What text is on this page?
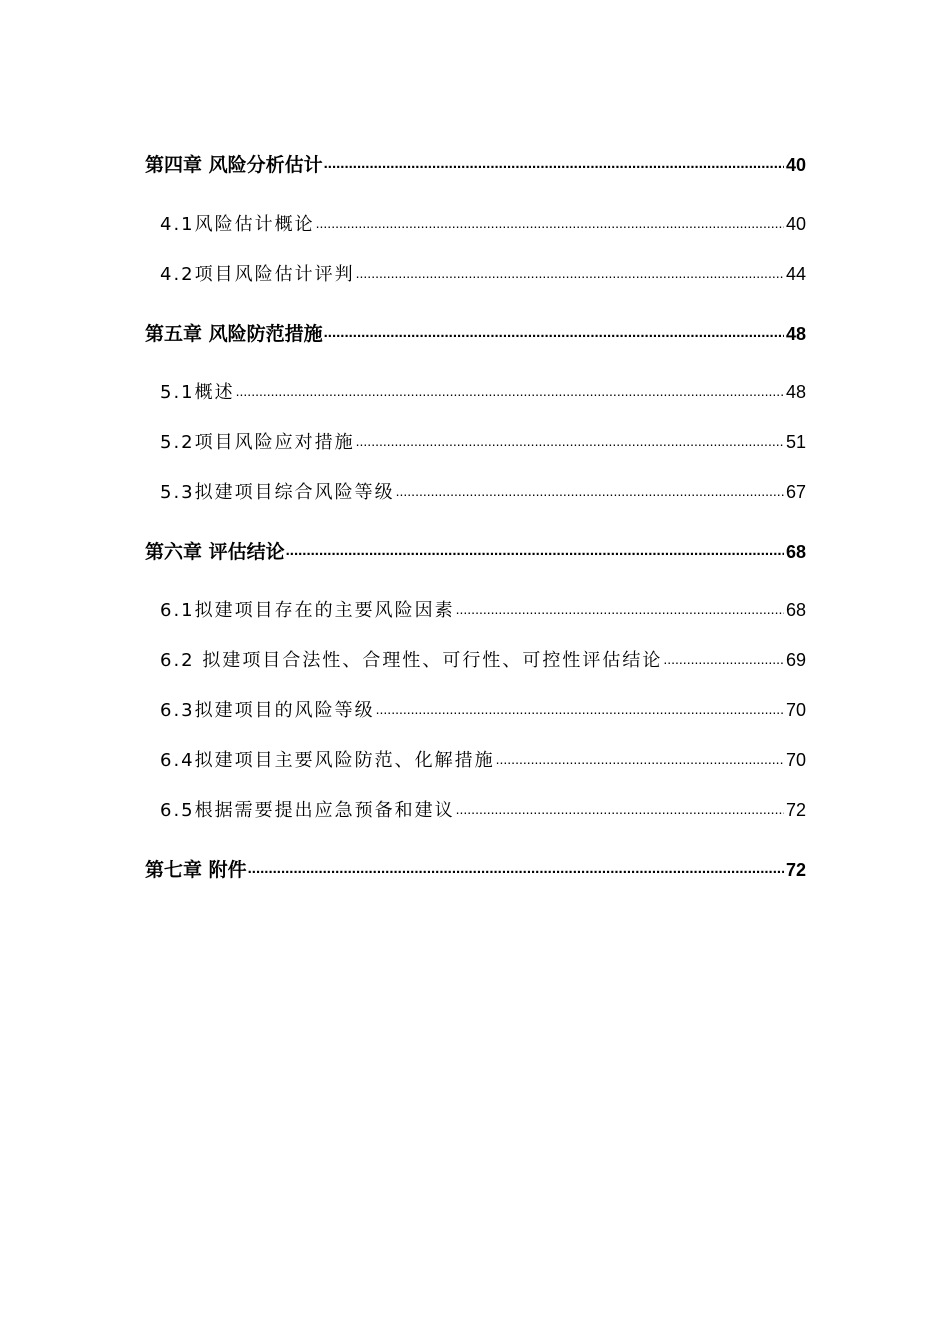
第四章 风险分析估计 .....	40
4.1风险估计概论 .....	40
4.2项目风险估计评判 .....	44
第五章 风险防范措施 .....	48
5.1概述 .....	48
5.2项目风险应对措施 .....	51
5.3拟建项目综合风险等级 .....	67
第六章 评估结论 .....	68
6.1拟建项目存在的主要风险因素 .....	68
6.2 拟建项目合法性、合理性、可行性、可控性评估结论 .....	69
6.3拟建项目的风险等级 .....	70
6.4拟建项目主要风险防范、化解措施 .....	70
6.5根据需要提出应急预备和建议 .....	72
第七章 附件 .....	72
